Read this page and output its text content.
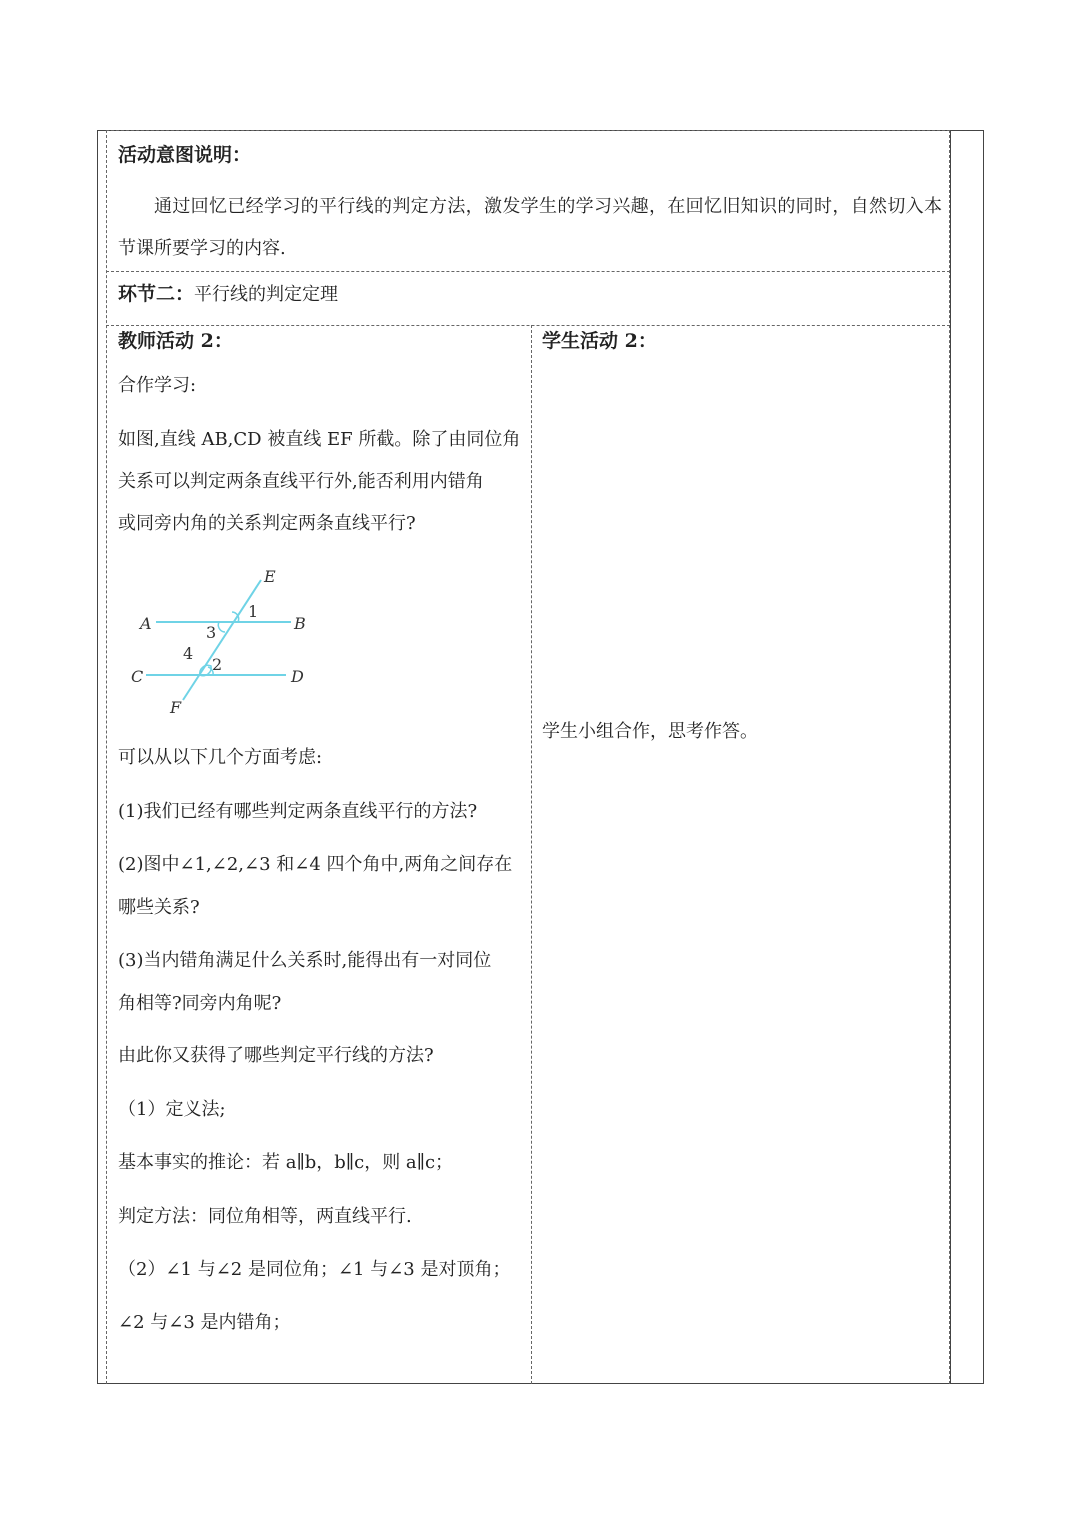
活动意图说明：
通过回忆已经学习的平行线的判定方法，激发学生的学习兴趣，在回忆旧知识的同时，自然切入本节课所要学习的内容.
环节二：平行线的判定定理
教师活动 2：
合作学习:
如图,直线 AB,CD 被直线 EF 所截。除了由同位角
关系可以判定两条直线平行外,能否利用内错角
或同旁内角的关系判定两条直线平行?
E
A	B
C	D
F
1
3
4
2
可以从以下几个方面考虑:
(1)我们已经有哪些判定两条直线平行的方法?
(2)图中∠1,∠2,∠3 和∠4 四个角中,两角之间存在
哪些关系?
(3)当内错角满足什么关系时,能得出有一对同位
角相等?同旁内角呢?
由此你又获得了哪些判定平行线的方法?
（1）定义法;
基本事实的推论：若 a∥b，b∥c，则 a∥c；
判定方法：同位角相等，两直线平行.
（2）∠1 与∠2 是同位角；∠1 与∠3 是对顶角；
∠2 与∠3 是内错角；
学生活动 2：
学生小组合作，思考作答。
